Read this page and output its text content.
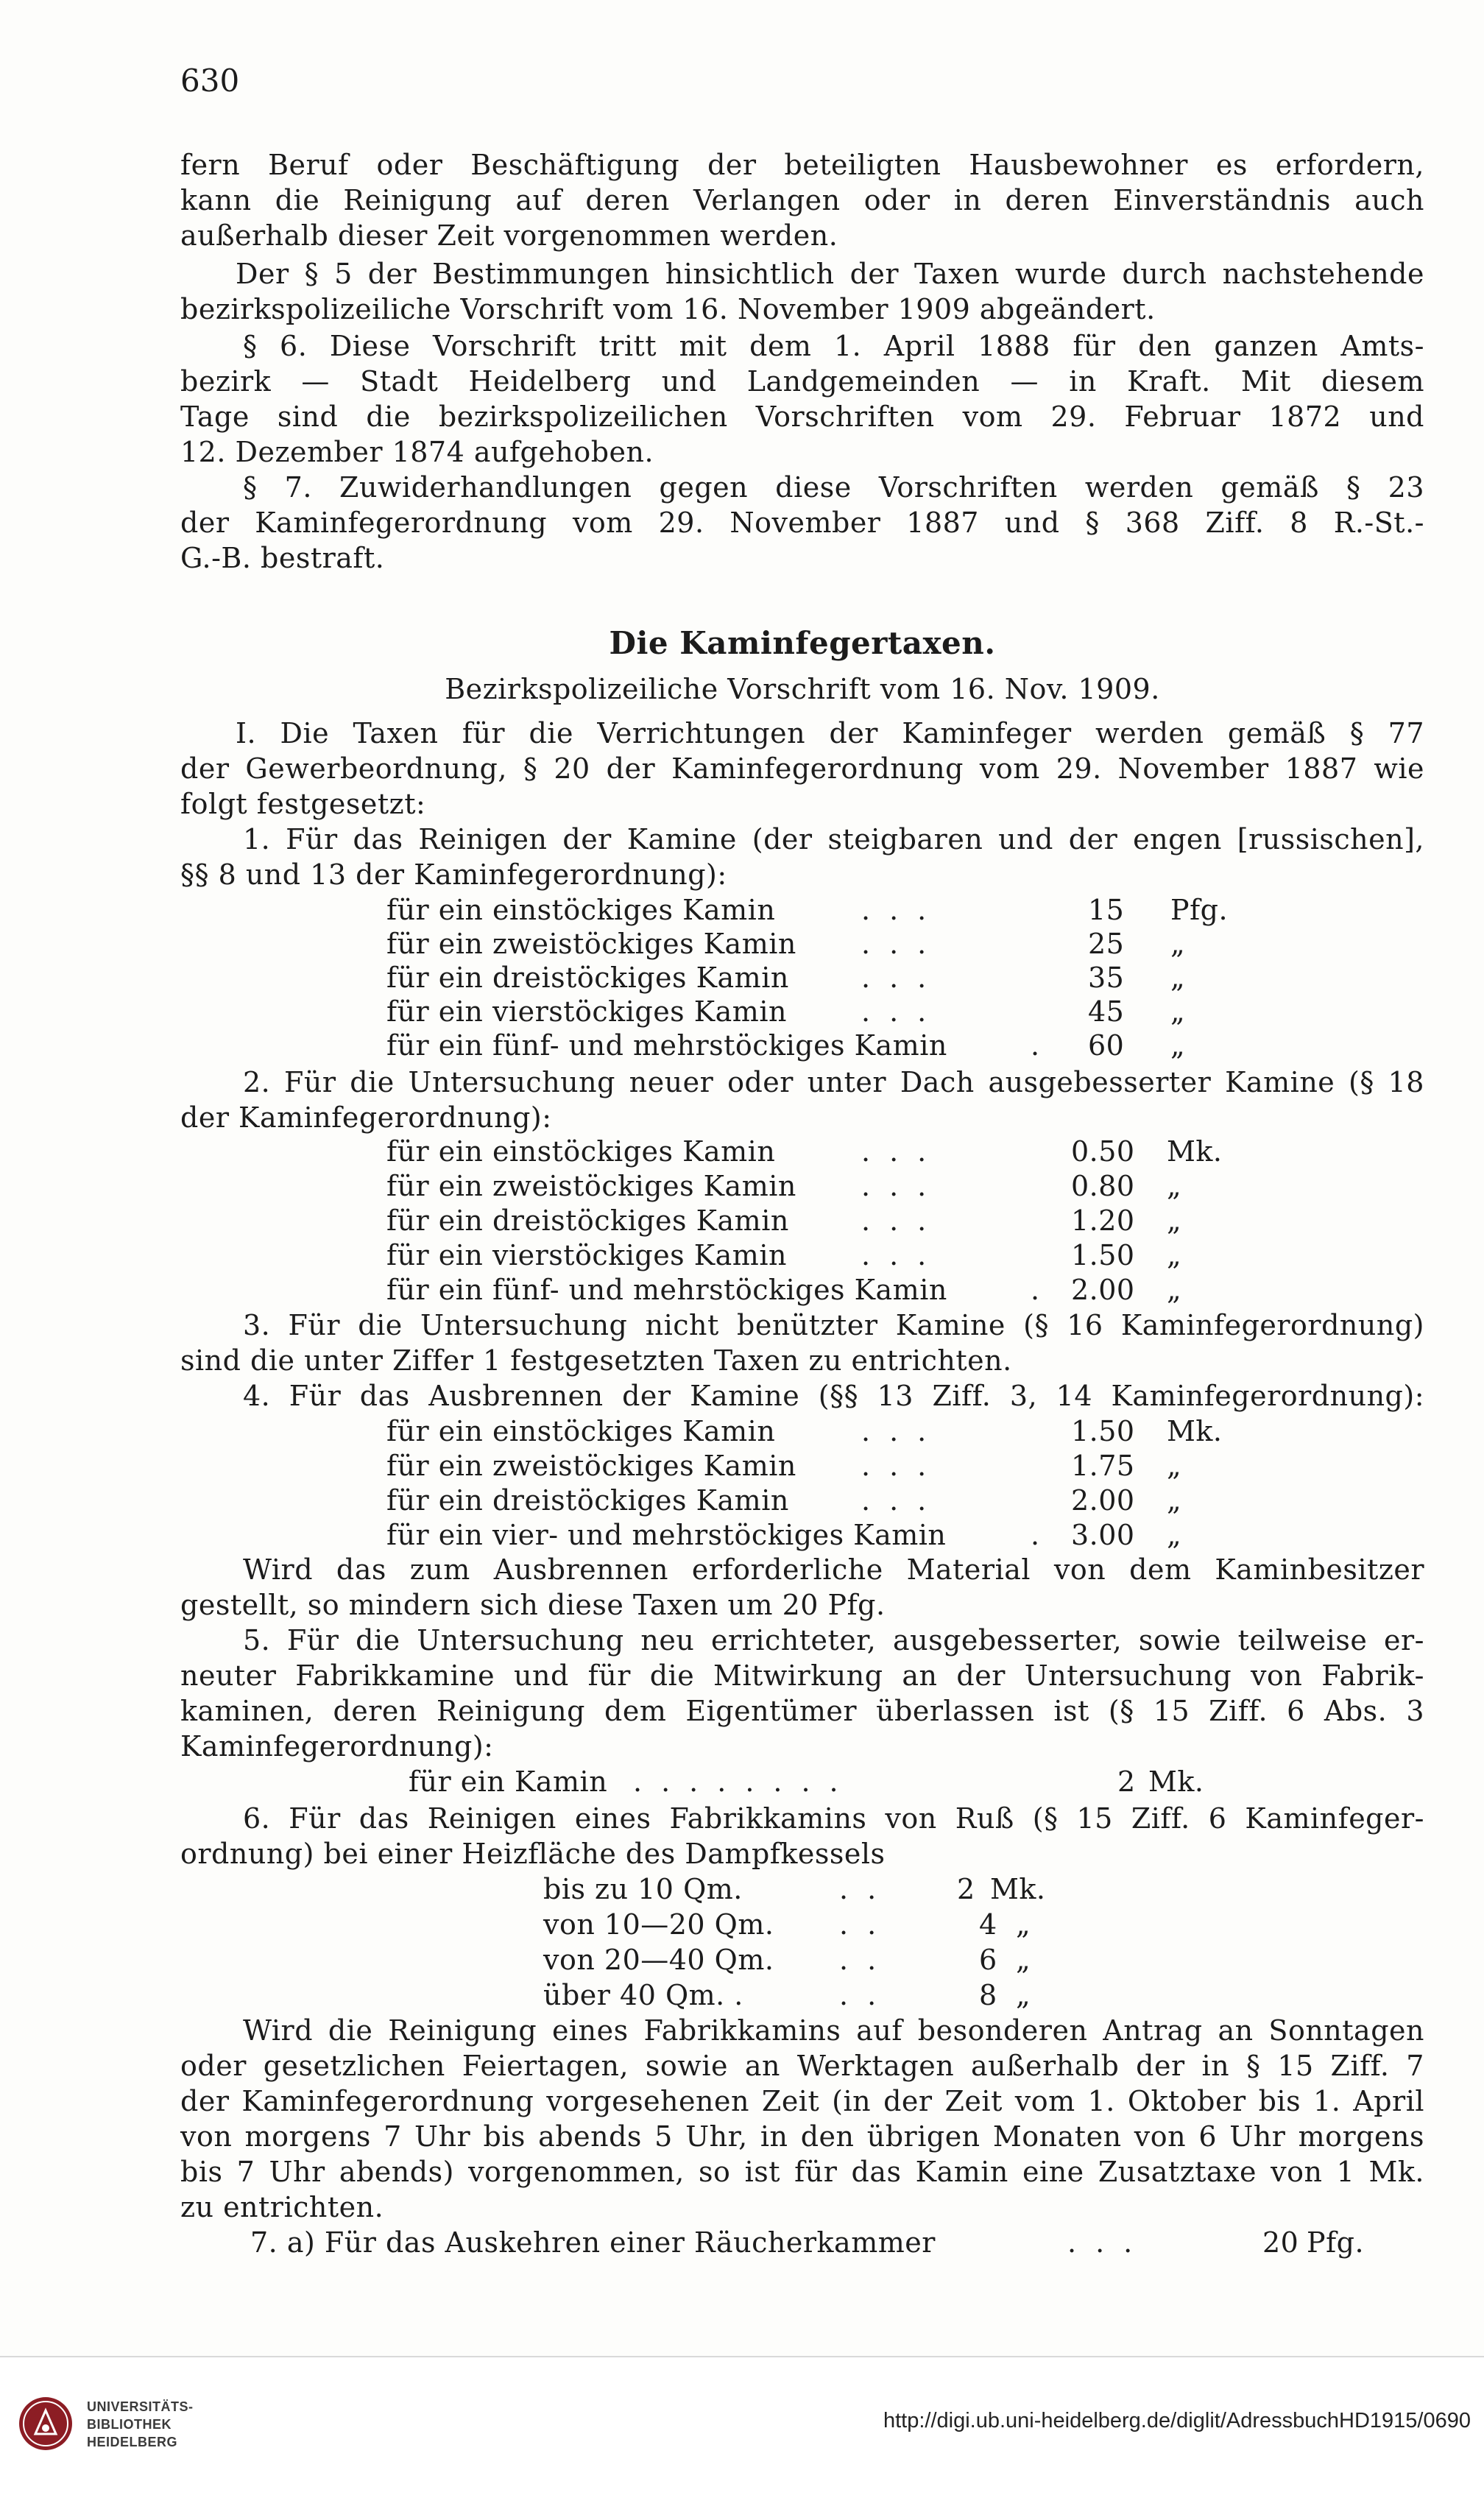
630
fern Beruf oder Beschäftigung der beteiligten Hausbewohner es erfordern,
kann die Reinigung auf deren Verlangen oder in deren Einverständnis auch
außerhalb dieser Zeit vorgenommen werden.
Der § 5 der Bestimmungen hinsichtlich der Taxen wurde durch nachstehende
bezirkspolizeiliche Vorschrift vom 16. November 1909 abgeändert.
§ 6. Diese Vorschrift tritt mit dem 1. April 1888 für den ganzen Amts-
bezirk — Stadt Heidelberg und Landgemeinden — in Kraft. Mit diesem
Tage sind die bezirkspolizeilichen Vorschriften vom 29. Februar 1872 und
12. Dezember 1874 aufgehoben.
§ 7. Zuwiderhandlungen gegen diese Vorschriften werden gemäß § 23
der Kaminfegerordnung vom 29. November 1887 und § 368 Ziff. 8 R.-St.-
G.-B. bestraft.
Die Kaminfegertaxen.
Bezirkspolizeiliche Vorschrift vom 16. Nov. 1909.
I. Die Taxen für die Verrichtungen der Kaminfeger werden gemäß § 77
der Gewerbeordnung, § 20 der Kaminfegerordnung vom 29. November 1887 wie
folgt festgesetzt:
1. Für das Reinigen der Kamine (der steigbaren und der engen [russischen],
§§ 8 und 13 der Kaminfegerordnung):
für ein einstöckiges Kamin	...	15 Pfg.
für ein zweistöckiges Kamin ...	25 „
für ein dreistöckiges Kamin	...	35 „
für ein vierstöckiges Kamin	...	45 „
für ein fünf- und mehrstöckiges Kamin	. 60 „
2. Für die Untersuchung neuer oder unter Dach ausgebesserter Kamine (§ 18
der Kaminfegerordnung):
für ein einstöckiges Kamin	...	0.50 Mk.
für ein zweistöckiges Kamin ...	0.80 „
für ein dreistöckiges Kamin	...	1.20 „
für ein vierstöckiges Kamin	...	1.50 „
für ein fünf- und mehrstöckiges Kamin	. 2.00 „
3. Für die Untersuchung nicht benützter Kamine (§ 16 Kaminfegerordnung)
sind die unter Ziffer 1 festgesetzten Taxen zu entrichten.
4. Für das Ausbrennen der Kamine (§§ 13 Ziff. 3, 14 Kaminfegerordnung):
für ein einstöckiges Kamin	...	1.50 Mk.
für ein zweistöckiges Kamin ...	1.75 „
für ein dreistöckiges Kamin	...	2.00 „
für ein vier- und mehrstöckiges Kamin	. 3.00 „
Wird das zum Ausbrennen erforderliche Material von dem Kaminbesitzer
gestellt, so mindern sich diese Taxen um 20 Pfg.
5. Für die Untersuchung neu errichteter, ausgebesserter, sowie teilweise er-
neuter Fabrikkamine und für die Mitwirkung an der Untersuchung von Fabrik-
kaminen, deren Reinigung dem Eigentümer überlassen ist (§ 15 Ziff. 6 Abs. 3
Kaminfegerordnung):
für ein Kamin ........	2 Mk.
6. Für das Reinigen eines Fabrikkamins von Ruß (§ 15 Ziff. 6 Kaminfeger-
ordnung) bei einer Heizfläche des Dampfkessels
bis zu 10 Qm.	.. 2 Mk.
von 10—20 Qm. ..	4 „
von 20—40 Qm. ..	6 „
über 40 Qm. .	..	8 „
Wird die Reinigung eines Fabrikkamins auf besonderen Antrag an Sonntagen
oder gesetzlichen Feiertagen, sowie an Werktagen außerhalb der in § 15 Ziff. 7
der Kaminfegerordnung vorgesehenen Zeit (in der Zeit vom 1. Oktober bis 1. April
von morgens 7 Uhr bis abends 5 Uhr, in den übrigen Monaten von 6 Uhr morgens
bis 7 Uhr abends) vorgenommen, so ist für das Kamin eine Zusatztaxe von 1 Mk.
zu entrichten.
7. a) Für das Auskehren einer Räucherkammer	...	20 Pfg.
UNIVERSITÄTS-
BIBLIOTHEK
HEIDELBERG
http://digi.ub.uni-heidelberg.de/diglit/AdressbuchHD1915/0690
